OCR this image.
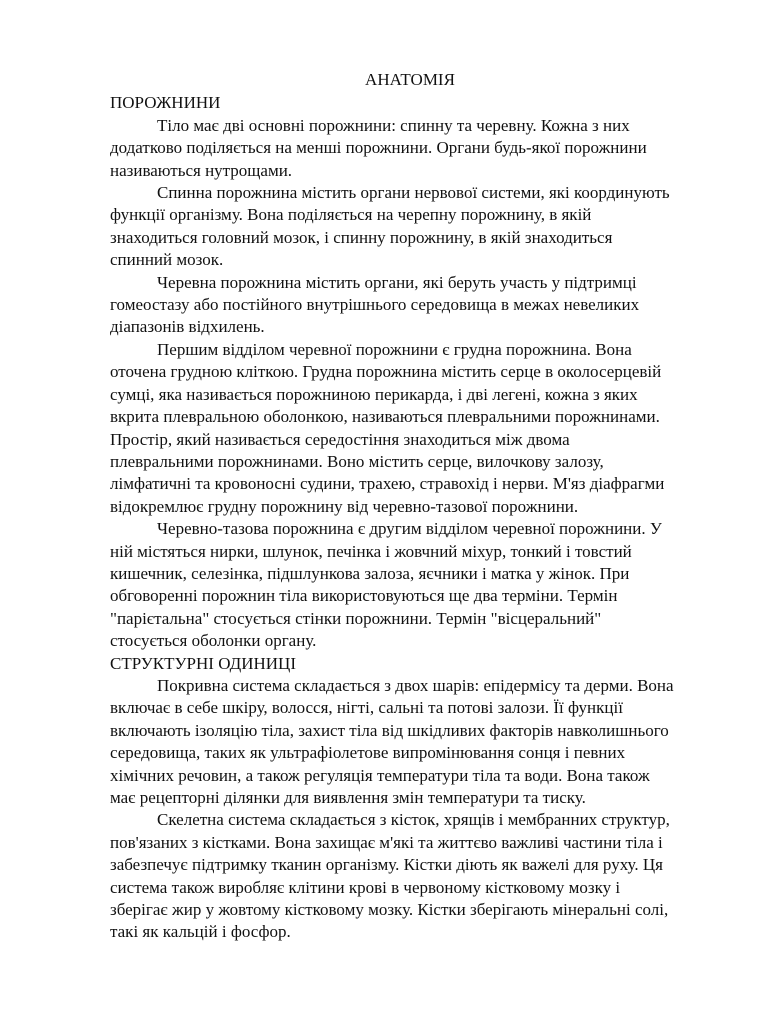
АНАТОМІЯ
ПОРОЖНИНИ
Тіло має дві основні порожнини: спинну та черевну. Кожна з них
додатково поділяється на менші порожнини. Органи будь-якої порожнини
називаються нутрощами.
Спинна порожнина містить органи нервової системи, які координують
функції організму. Вона поділяється на черепну порожнину, в якій
знаходиться головний мозок, і спинну порожнину, в якій знаходиться
спинний мозок.
Черевна порожнина містить органи, які беруть участь у підтримці
гомеостазу або постійного внутрішнього середовища в межах невеликих
діапазонів відхилень.
Першим відділом черевної порожнини є грудна порожнина. Вона
оточена грудною кліткою. Грудна порожнина містить серце в околосерцевій
сумці, яка називається порожниною перикарда, і дві легені, кожна з яких
вкрита плевральною оболонкою, називаються плевральними порожнинами.
Простір, який називається середостіння знаходиться між двома
плевральними порожнинами. Воно містить серце, вилочкову залозу,
лімфатичні та кровоносні судини, трахею, стравохід і нерви. М'яз діафрагми
відокремлює грудну порожнину від черевно-тазової порожнини.
Черевно-тазова порожнина є другим відділом черевної порожнини. У
ній містяться нирки, шлунок, печінка і жовчний міхур, тонкий і товстий
кишечник, селезінка, підшлункова залоза, яєчники і матка у жінок. При
обговоренні порожнин тіла використовуються ще два терміни. Термін
"парієтальна" стосується стінки порожнини. Термін "вісцеральний"
стосується оболонки органу.
СТРУКТУРНІ ОДИНИЦІ
Покривна система складається з двох шарів: епідермісу та дерми. Вона
включає в себе шкіру, волосся, нігті, сальні та потові залози. Її функції
включають ізоляцію тіла, захист тіла від шкідливих факторів навколишнього
середовища, таких як ультрафіолетове випромінювання сонця і певних
хімічних речовин, а також регуляція температури тіла та води. Вона також
має рецепторні ділянки для виявлення змін температури та тиску.
Скелетна система складається з кісток, хрящів і мембранних структур,
пов'язаних з кістками. Вона захищає м'які та життєво важливі частини тіла і
забезпечує підтримку тканин організму. Кістки діють як важелі для руху. Ця
система також виробляє клітини крові в червоному кістковому мозку і
зберігає жир у жовтому кістковому мозку. Кістки зберігають мінеральні солі,
такі як кальцій і фосфор.
